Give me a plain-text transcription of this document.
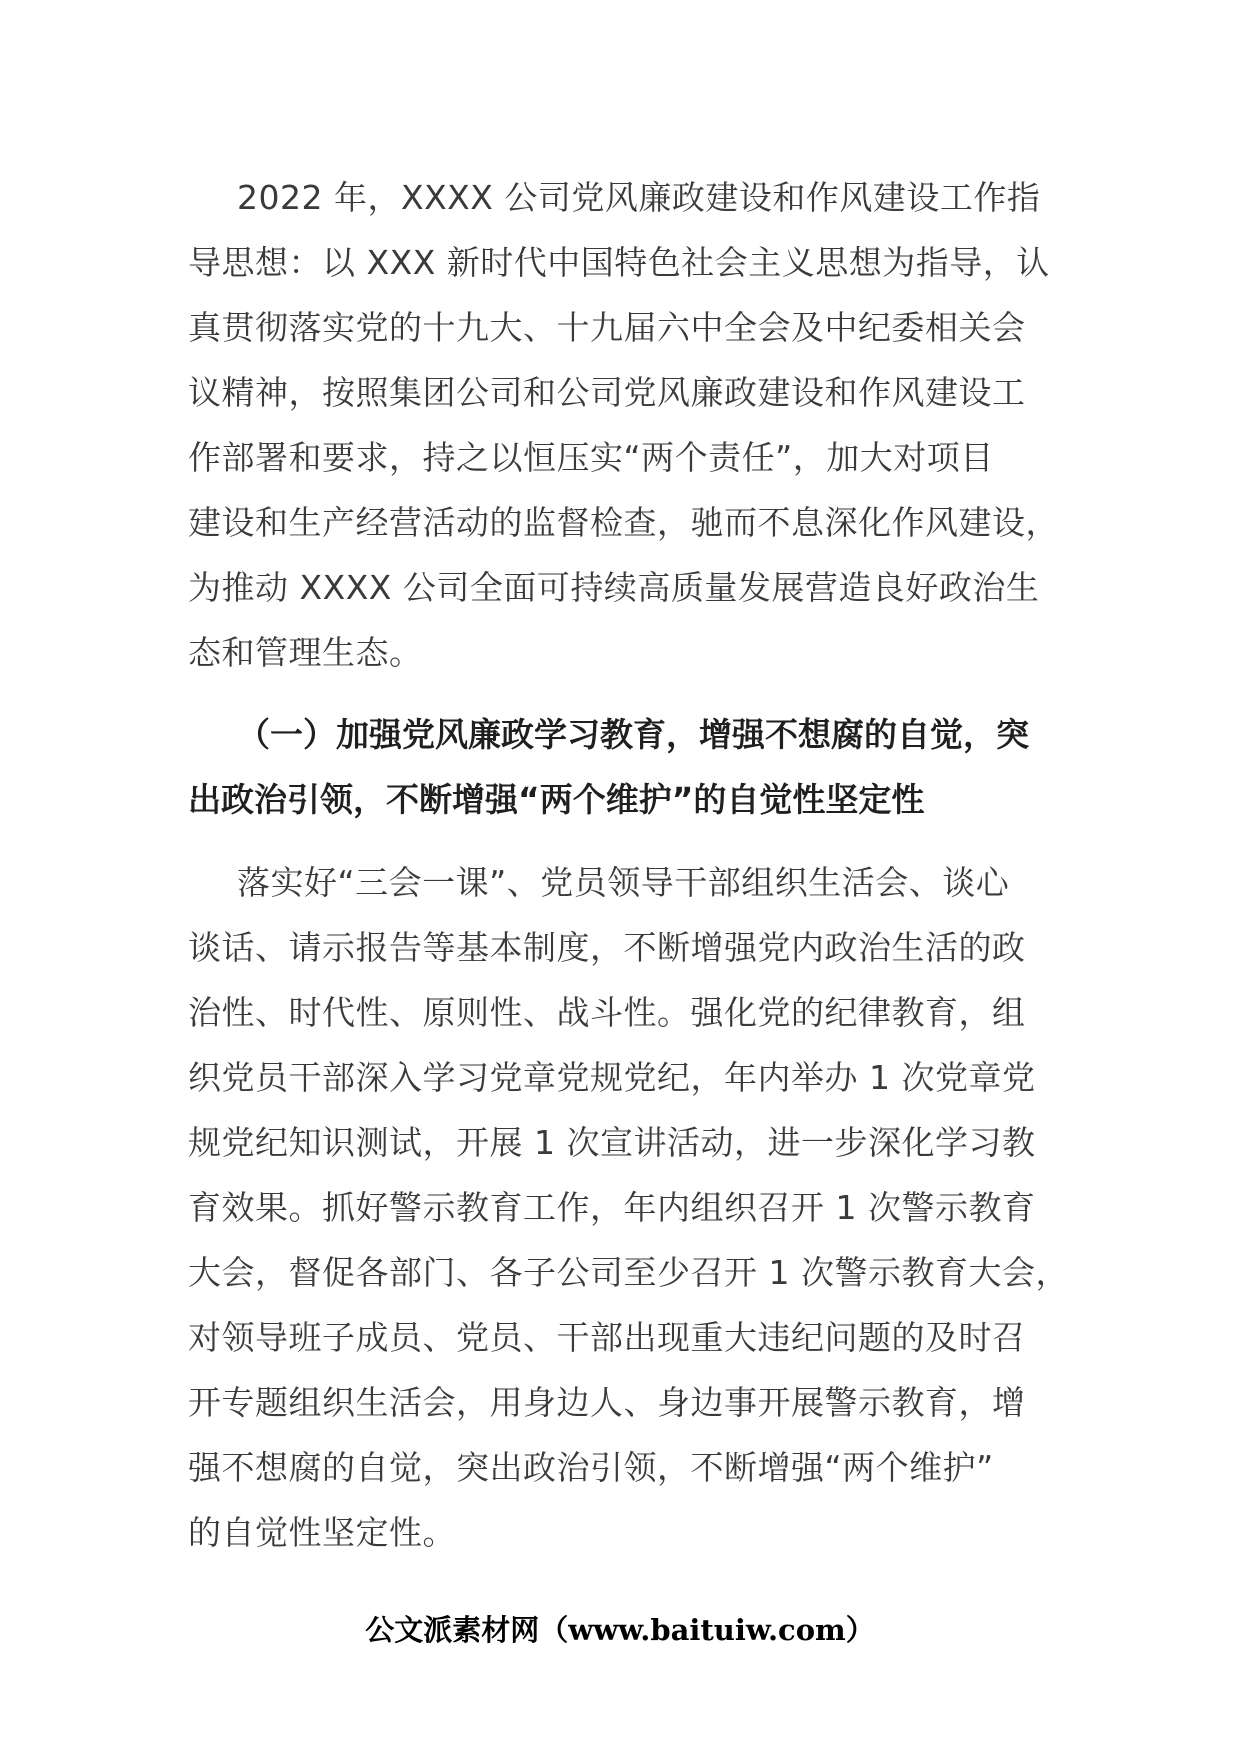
2022 年，XXXX 公司党风廉政建设和作风建设工作指
导思想：以 XXX 新时代中国特色社会主义思想为指导，认
真贯彻落实党的十九大、十九届六中全会及中纪委相关会
议精神，按照集团公司和公司党风廉政建设和作风建设工
作部署和要求，持之以恒压实“两个责任”，加大对项目
建设和生产经营活动的监督检查，驰而不息深化作风建设，
为推动 XXXX 公司全面可持续高质量发展营造良好政治生
态和管理生态。
（一）加强党风廉政学习教育，增强不想腐的自觉，突
出政治引领，不断增强“两个维护”的自觉性坚定性
落实好“三会一课”、党员领导干部组织生活会、谈心
谈话、请示报告等基本制度，不断增强党内政治生活的政
治性、时代性、原则性、战斗性。强化党的纪律教育，组
织党员干部深入学习党章党规党纪，年内举办 1 次党章党
规党纪知识测试，开展 1 次宣讲活动，进一步深化学习教
育效果。抓好警示教育工作，年内组织召开 1 次警示教育
大会，督促各部门、各子公司至少召开 1 次警示教育大会，
对领导班子成员、党员、干部出现重大违纪问题的及时召
开专题组织生活会，用身边人、身边事开展警示教育，增
强不想腐的自觉，突出政治引领，不断增强“两个维护”
的自觉性坚定性。
公文派素材网（www.baituiw.com）
